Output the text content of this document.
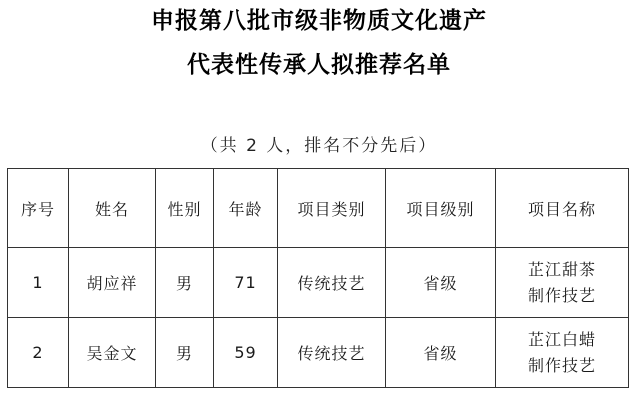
申报第八批市级非物质文化遗产
代表性传承人拟推荐名单
（共 2 人，排名不分先后）
序号	姓名	性别	年龄	项目类别	项目级别	项目名称
1	胡应祥	男	71	传统技艺	省级	芷江甜茶制作技艺
2	吴金文	男	59	传统技艺	省级	芷江白蜡制作技艺
